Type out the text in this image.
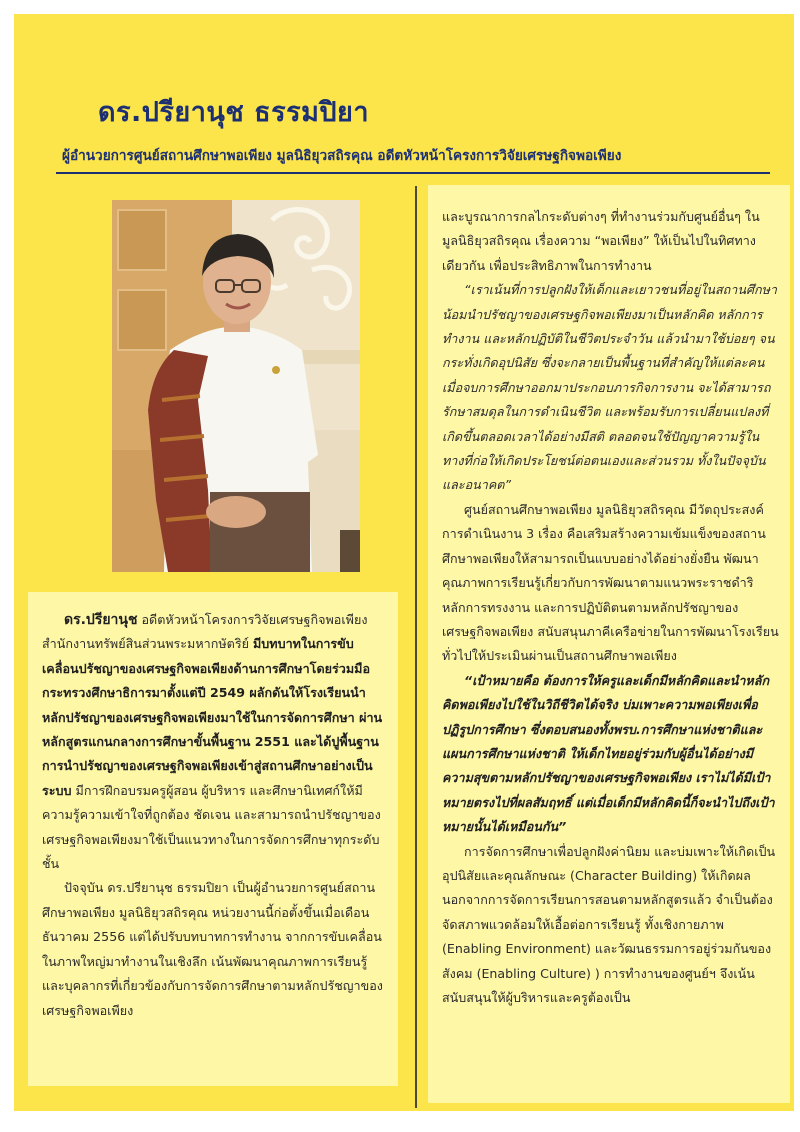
ดร.ปรียานุช ธรรมปิยา
ผู้อำนวยการศูนย์สถานศึกษาพอเพียง มูลนิธิยุวสถิรคุณ อดีตหัวหน้าโครงการวิจัยเศรษฐกิจพอเพียง

ดร.ปรียานุช อดีตหัวหน้าโครงการวิจัยเศรษฐกิจพอเพียง สำนักงานทรัพย์สินส่วนพระมหากษัตริย์ มีบทบาทในการขับเคลื่อนปรัชญาของเศรษฐกิจพอเพียงด้านการศึกษาโดยร่วมมือกระทรวงศึกษาธิการมาตั้งแต่ปี 2549 ผลักดันให้โรงเรียนนำหลักปรัชญาของเศรษฐกิจพอเพียงมาใช้ในการจัดการศึกษา ผ่านหลักสูตรแกนกลางการศึกษาขั้นพื้นฐาน 2551 และได้ปูพื้นฐานการนำปรัชญาของเศรษฐกิจพอเพียงเข้าสู่สถานศึกษาอย่างเป็นระบบ มีการฝึกอบรมครูผู้สอน ผู้บริหาร และศึกษานิเทศก์ให้มีความรู้ความเข้าใจที่ถูกต้อง ชัดเจน และสามารถนำปรัชญาของเศรษฐกิจพอเพียงมาใช้เป็นแนวทางในการจัดการศึกษาทุกระดับชั้น

ปัจจุบัน ดร.ปรียานุช ธรรมปิยา เป็นผู้อำนวยการศูนย์สถานศึกษาพอเพียง มูลนิธิยุวสถิรคุณ หน่วยงานนี้ก่อตั้งขึ้นเมื่อเดือนธันวาคม 2556 แต่ได้ปรับบทบาทการทำงาน จากการขับเคลื่อนในภาพใหญ่มาทำงานในเชิงลึก เน้นพัฒนาคุณภาพการเรียนรู้ และบุคลากรที่เกี่ยวข้องกับการจัดการศึกษาตามหลักปรัชญาของเศรษฐกิจพอเพียง

และบูรณาการกลไกระดับต่างๆ ที่ทำงานร่วมกับศูนย์อื่นๆ ในมูลนิธิยุวสถิรคุณ เรื่องความ “พอเพียง” ให้เป็นไปในทิศทางเดียวกัน เพื่อประสิทธิภาพในการทำงาน

“เราเน้นที่การปลูกฝังให้เด็กและเยาวชนที่อยู่ในสถานศึกษาน้อมนำปรัชญาของเศรษฐกิจพอเพียงมาเป็นหลักคิด หลักการทำงาน และหลักปฏิบัติในชีวิตประจำวัน แล้วนำมาใช้บ่อยๆ จนกระทั่งเกิดอุปนิสัย ซึ่งจะกลายเป็นพื้นฐานที่สำคัญให้แต่ละคน เมื่อจบการศึกษาออกมาประกอบภารกิจการงาน จะได้สามารถรักษาสมดุลในการดำเนินชีวิต และพร้อมรับการเปลี่ยนแปลงที่เกิดขึ้นตลอดเวลาได้อย่างมีสติ ตลอดจนใช้ปัญญาความรู้ในทางที่ก่อให้เกิดประโยชน์ต่อตนเองและส่วนรวม ทั้งในปัจจุบันและอนาคต”

ศูนย์สถานศึกษาพอเพียง มูลนิธิยุวสถิรคุณ มีวัตถุประสงค์การดำเนินงาน 3 เรื่อง คือเสริมสร้างความเข้มแข็งของสถานศึกษาพอเพียงให้สามารถเป็นแบบอย่างได้อย่างยั่งยืน พัฒนาคุณภาพการเรียนรู้เกี่ยวกับการพัฒนาตามแนวพระราชดำริ หลักการทรงงาน และการปฏิบัติตนตามหลักปรัชญาของเศรษฐกิจพอเพียง สนับสนุนภาคีเครือข่ายในการพัฒนาโรงเรียนทั่วไปให้ประเมินผ่านเป็นสถานศึกษาพอเพียง

“เป้าหมายคือ ต้องการให้ครูและเด็กมีหลักคิดและนำหลักคิดพอเพียงไปใช้ในวิถีชีวิตได้จริง บ่มเพาะความพอเพียงเพื่อปฏิรูปการศึกษา ซึ่งตอบสนองทั้งพรบ.การศึกษาแห่งชาติและแผนการศึกษาแห่งชาติ ให้เด็กไทยอยู่ร่วมกับผู้อื่นได้อย่างมีความสุขตามหลักปรัชญาของเศรษฐกิจพอเพียง เราไม่ได้มีเป้าหมายตรงไปที่ผลสัมฤทธิ์ แต่เมื่อเด็กมีหลักคิดนี้ก็จะนำไปถึงเป้าหมายนั้นได้เหมือนกัน”

การจัดการศึกษาเพื่อปลูกฝังค่านิยม และบ่มเพาะให้เกิดเป็นอุปนิสัยและคุณลักษณะ (Character Building) ให้เกิดผล นอกจากการจัดการเรียนการสอนตามหลักสูตรแล้ว จำเป็นต้องจัดสภาพแวดล้อมให้เอื้อต่อการเรียนรู้ ทั้งเชิงกายภาพ (Enabling Environment) และวัฒนธรรมการอยู่ร่วมกันของสังคม (Enabling Culture) ) การทำงานของศูนย์ฯ จึงเน้นสนับสนุนให้ผู้บริหารและครูต้องเป็น
